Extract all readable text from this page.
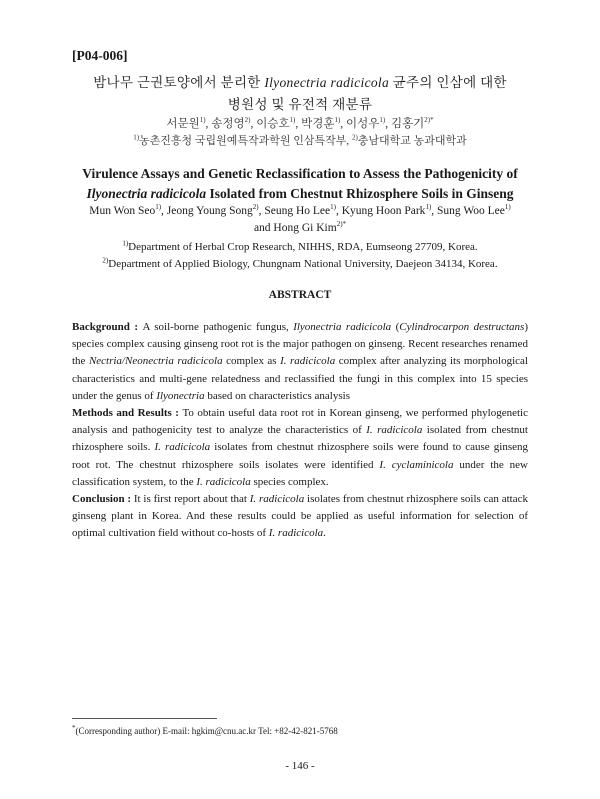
[P04-006]
밤나무 근권토양에서 분리한 Ilyonectria radicicola 균주의 인삼에 대한
병원성 및 유전적 재분류
서문원$^{1)}$, 송정영$^{2)}$, 이승호$^{1)}$, 박경훈$^{1)}$, 이성우$^{1)}$, 김홍기$^{2)*}$
$^{1)}$농촌진흥청 국립원예특작과학원 인삼특작부, $^{2)}$충남대학교 농과대학과
Virulence Assays and Genetic Reclassification to Assess the Pathogenicity of
Ilyonectria radicicola Isolated from Chestnut Rhizosphere Soils in Ginseng
Mun Won Seo$^{1)}$, Jeong Young Song$^{2)}$, Seung Ho Lee$^{1)}$, Kyung Hoon Park$^{1)}$, Sung Woo Lee$^{1)}$
and Hong Gi Kim$^{2)*}$
$^{1)}$Department of Herbal Crop Research, NIHHS, RDA, Eumseong 27709, Korea.
$^{2)}$Department of Applied Biology, Chungnam National University, Daejeon 34134, Korea.
ABSTRACT

Background : A soil-borne pathogenic fungus, Ilyonectria radicicola (Cylindrocarpon destructans) species complex causing ginseng root rot is the major pathogen on ginseng. Recent researches renamed the Nectria/Neonectria radicicola complex as I. radicicola complex after analyzing its morphological characteristics and multi-gene relatedness and reclassified the fungi in this complex into 15 species under the genus of Ilyonectria based on characteristics analysis

Methods and Results : To obtain useful data root rot in Korean ginseng, we performed phylogenetic analysis and pathogenicity test to analyze the characteristics of I. radicicola isolated from chestnut rhizosphere soils. I. radicicola isolates from chestnut rhizosphere soils were found to cause ginseng root rot. The chestnut rhizosphere soils isolates were identified I. cyclaminicola under the new classification system, to the I. radicicola species complex.

Conclusion : It is first report about that I. radicicola isolates from chestnut rhizosphere soils can attack ginseng plant in Korea. And these results could be applied as useful information for selection of optimal cultivation field without co-hosts of I. radicicola.

*(Corresponding author) E-mail: hgkim@cnu.ac.kr Tel: +82-42-821-5768
- 146 -
